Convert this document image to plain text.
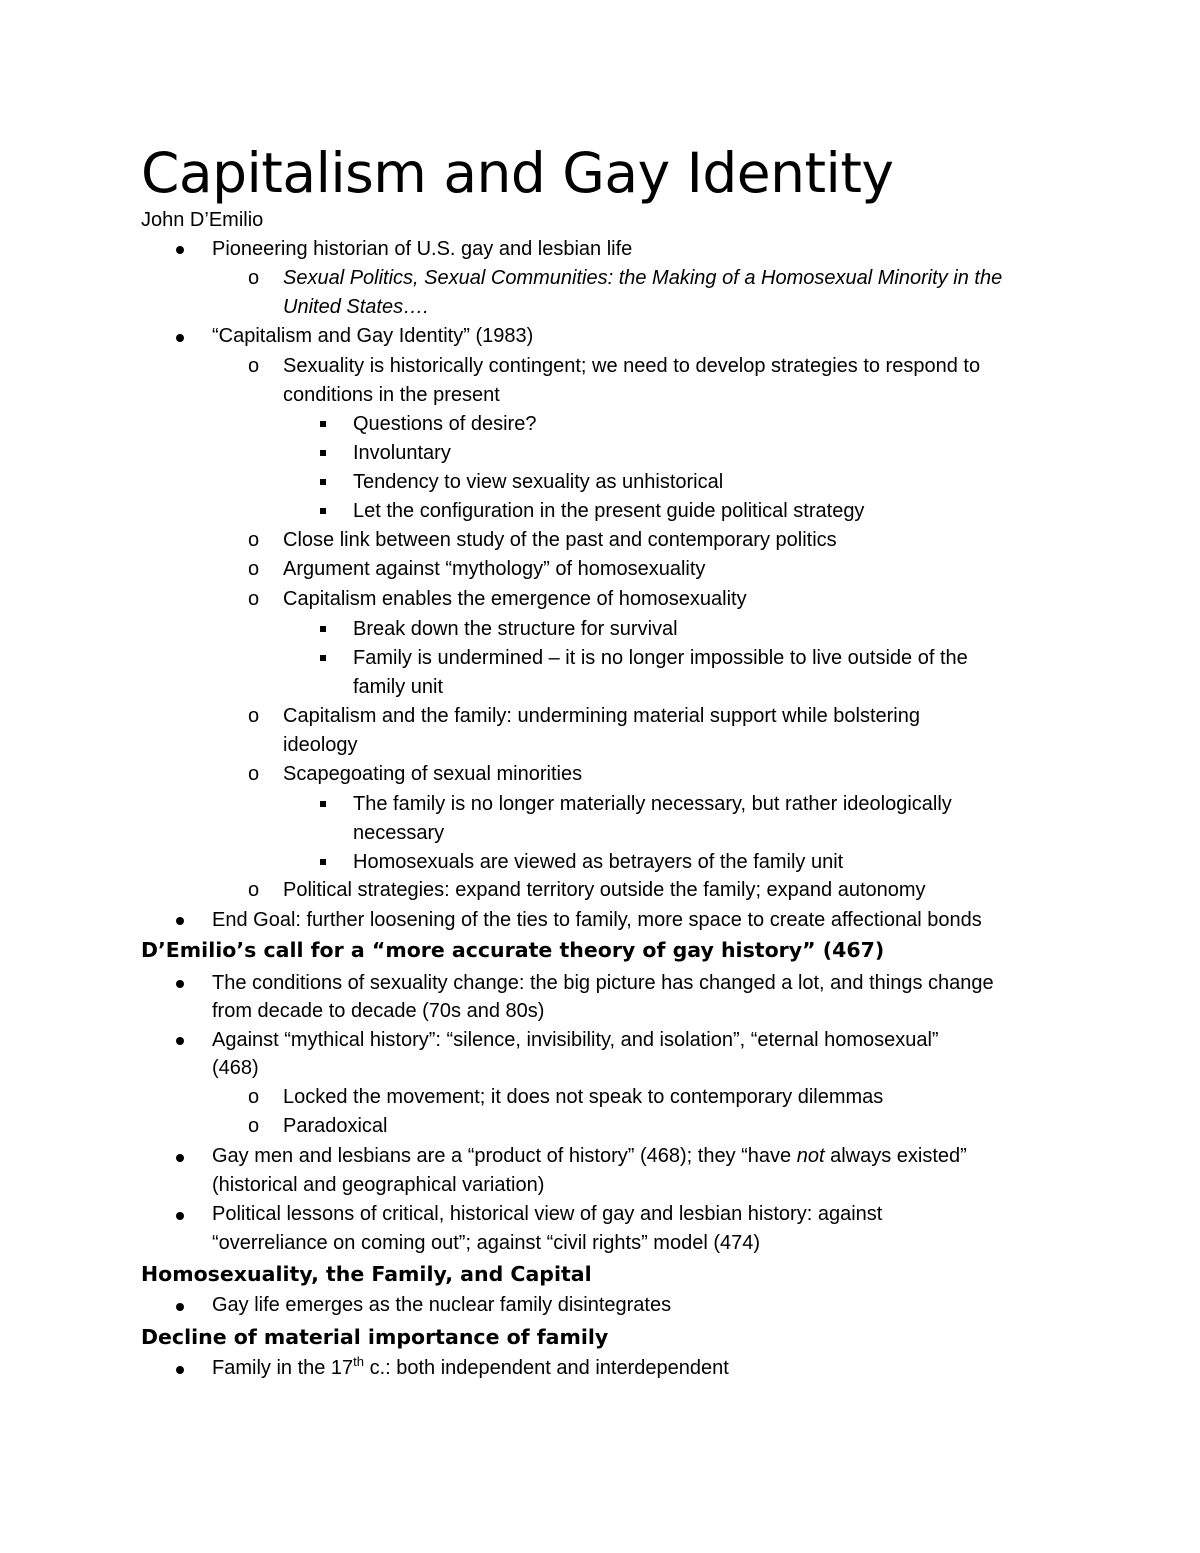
Capitalism and Gay Identity
John D’Emilio
Pioneering historian of U.S. gay and lesbian life
o Sexual Politics, Sexual Communities: the Making of a Homosexual Minority in the
United States….
“Capitalism and Gay Identity” (1983)
o Sexuality is historically contingent; we need to develop strategies to respond to
conditions in the present
Questions of desire?
Involuntary
Tendency to view sexuality as unhistorical
Let the configuration in the present guide political strategy
o Close link between study of the past and contemporary politics
o Argument against “mythology” of homosexuality
o Capitalism enables the emergence of homosexuality
Break down the structure for survival
Family is undermined – it is no longer impossible to live outside of the
family unit
o Capitalism and the family: undermining material support while bolstering
ideology
o Scapegoating of sexual minorities
The family is no longer materially necessary, but rather ideologically
necessary
Homosexuals are viewed as betrayers of the family unit
o Political strategies: expand territory outside the family; expand autonomy
End Goal: further loosening of the ties to family, more space to create affectional bonds
D’Emilio’s call for a “more accurate theory of gay history” (467)
The conditions of sexuality change: the big picture has changed a lot, and things change
from decade to decade (70s and 80s)
Against “mythical history”: “silence, invisibility, and isolation”, “eternal homosexual”
(468)
o Locked the movement; it does not speak to contemporary dilemmas
o Paradoxical
Gay men and lesbians are a “product of history” (468); they “have not always existed”
(historical and geographical variation)
Political lessons of critical, historical view of gay and lesbian history: against
“overreliance on coming out”; against “civil rights” model (474)
Homosexuality, the Family, and Capital
Gay life emerges as the nuclear family disintegrates
Decline of material importance of family
Family in the 17th c.: both independent and interdependent
